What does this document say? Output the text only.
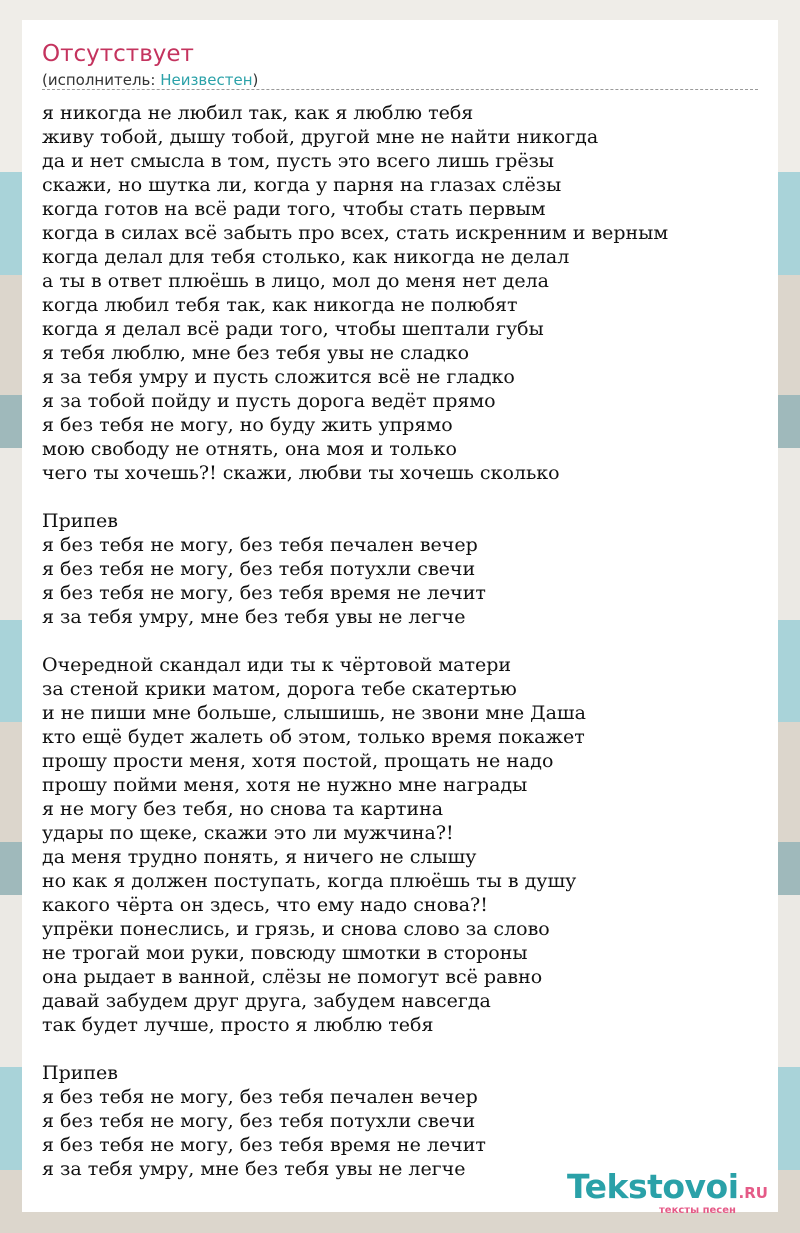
Отсутствует
(исполнитель: Неизвестен)
я никогда не любил так, как я люблю тебя
живу тобой, дышу тобой, другой мне не найти никогда
да и нет смысла в том, пусть это всего лишь грёзы
скажи, но шутка ли, когда у парня на глазах слёзы
когда готов на всё ради того, чтобы стать первым
когда в силах всё забыть про всех, стать искренним и верным
когда делал для тебя столько, как никогда не делал
а ты в ответ плюёшь в лицо, мол до меня нет дела
когда любил тебя так, как никогда не полюбят
когда я делал всё ради того, чтобы шептали губы
я тебя люблю, мне без тебя увы не сладко
я за тебя умру и пусть сложится всё не гладко
я за тобой пойду и пусть дорога ведёт прямо
я без тебя не могу, но буду жить упрямо
мою свободу не отнять, она моя и только
чего ты хочешь?! скажи, любви ты хочешь сколько
Припев
я без тебя не могу, без тебя печален вечер
я без тебя не могу, без тебя потухли свечи
я без тебя не могу, без тебя время не лечит
я за тебя умру, мне без тебя увы не легче
Очередной скандал иди ты к чёртовой матери
за стеной крики матом, дорога тебе скатертью
и не пиши мне больше, слышишь, не звони мне Даша
кто ещё будет жалеть об этом, только время покажет
прошу прости меня, хотя постой, прощать не надо
прошу пойми меня, хотя не нужно мне награды
я не могу без тебя, но снова та картина
удары по щеке, скажи это ли мужчина?!
да меня трудно понять, я ничего не слышу
но как я должен поступать, когда плюёшь ты в душу
какого чёрта он здесь, что ему надо снова?!
упрёки понеслись, и грязь, и снова слово за слово
не трогай мои руки, повсюду шмотки в стороны
она рыдает в ванной, слёзы не помогут всё равно
давай забудем друг друга, забудем навсегда
так будет лучше, просто я люблю тебя
Припев
я без тебя не могу, без тебя печален вечер
я без тебя не могу, без тебя потухли свечи
я без тебя не могу, без тебя время не лечит
я за тебя умру, мне без тебя увы не легче	Tekstovoi.RU
тексты песен
